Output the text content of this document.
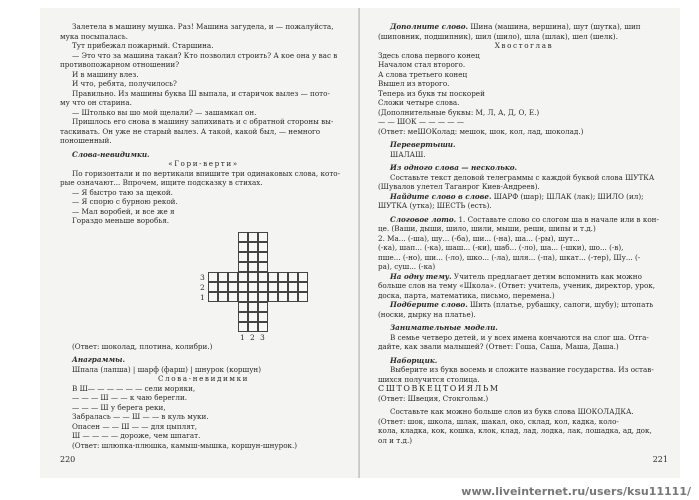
Залетела в машину мушка. Раз! Машина загудела, и — пожалуйста,

мука посыпалась.

Тут прибежал пожарный. Старшина.

— Это что за машина такая? Кто позволил строить? А кое она у вас в

противопожарном отношении?

И в машину влез.

И что, ребята, получилось?

Правильно. Из машины буква Ш выпала, и старичок вылез — пото-

му что он старина.

— Штолько вы шо мой щелали? — зашамкал он.

Пришлось его снова в машину запихивать и с обратной стороны вы-

таскивать. Он уже не старый вылез. А такой, какой был, — немного

поношенный.

Слова-невидимки.

«Гори-верти»

По горизонтали и по вертикали впишите три одинаковых слова, кото-

рые означают... Впрочем, ищите подсказку в стихах.

— Я быстро таю за щекой.

— Я спорю с бурною рекой.

— Мал воробей, и все же я

Гораздо меньше воробья.

3
2
1
1 2 3

(Ответ: шоколад, плотина, колибри.)

Анаграммы.

Шпала (лапша) | шарф (фарш) | шнурок (коршун)

Слова-невидимки

В Ш— — — — — — сели моряки,

— — — Ш — — к чаю берегли.

— — — Ш у берега реки,

Забралась — — Ш — — в куль муки.

Опасен — — Ш — — для цыплят,

Ш — — — — дороже, чем шпагат.

(Ответ: шлюпка-плюшка, камыш-мышка, коршун-шнурок.)

220

Дополните слово. Шина (машина, вершина), шут (шутка), шип

(шиповник, подшипник), шил (шило), шла (шлак), шел (шелк).

Хвостоглав

Здесь слова первого конец

Началом стал второго.

А слова третьего конец

Вышел из второго.

Теперь из букв ты поскорей

Сложи четыре слова.

(Дополнительные буквы: М, Л, А, Д, О, Е.)

— — ШОК — — — — —

(Ответ: меШОКолад: мешок, шок, кол, лад, шоколад.)

Перевертыши.

ШАЛАШ.

Из одного слова — несколько.

Составьте текст деловой телеграммы с каждой буквой слова ШУТКА

(Шувалов улетел Таганрог Киев-Андреев).

Найдите слово в слове. ШАРФ (шар); ШЛАК (лак); ШИЛО (ил);

ШУТКА (утка); ШЕСТЬ (есть).

Слоговое лото. 1. Составьте слово со слогом ша в начале или в кон-

це. (Ваши, дыши, шило, шили, мыши, реши, шипы и т.д.)

2. Ма... (-ша), шу... (-ба), ши... (-на), ша... (-ры), шут...

(-ка), шап... (-ка), шаш... (-ки), шаб... (-ло), ша... (-шки), шо... (-в),

пше... (-но), ши... (-ло), шко... (-ла), шля... (-па), шкат... (-тер), Шу... (-

ра), суш... (-ка)

На одну тему. Учитель предлагает детям вспомнить как можно

больше слов на тему «Школа». (Ответ: учитель, ученик, директор, урок,

доска, парта, математика, письмо, перемена.)

Подберите слово. Шить (платье, рубашку, сапоги, шубу); штопать

(носки, дырку на платье).

Занимательные модели.

В семье четверо детей, и у всех имена кончаются на слог ша. Отга-

дайте, как звали малышей? (Ответ: Гоша, Саша, Маша, Даша.)

Наборщик.

Выберите из букв восемь и сложите название государства. Из остав-

шихся получится столица.

СШТОВКЕЦТОИЯЛЬМ

(Ответ: Швеция, Стокгольм.)

Составьте как можно больше слов из букв слова ШОКОЛАДКА.

(Ответ: шок, школа, шлак, шакал, око, склад, кол, кадка, коло-

кола, кладка, кок, кошка, клок, клад, лад, лодка, лак, лошадка, ад, док,

ол и т.д.)

221
www.liveinternet.ru/users/ksu11111/
